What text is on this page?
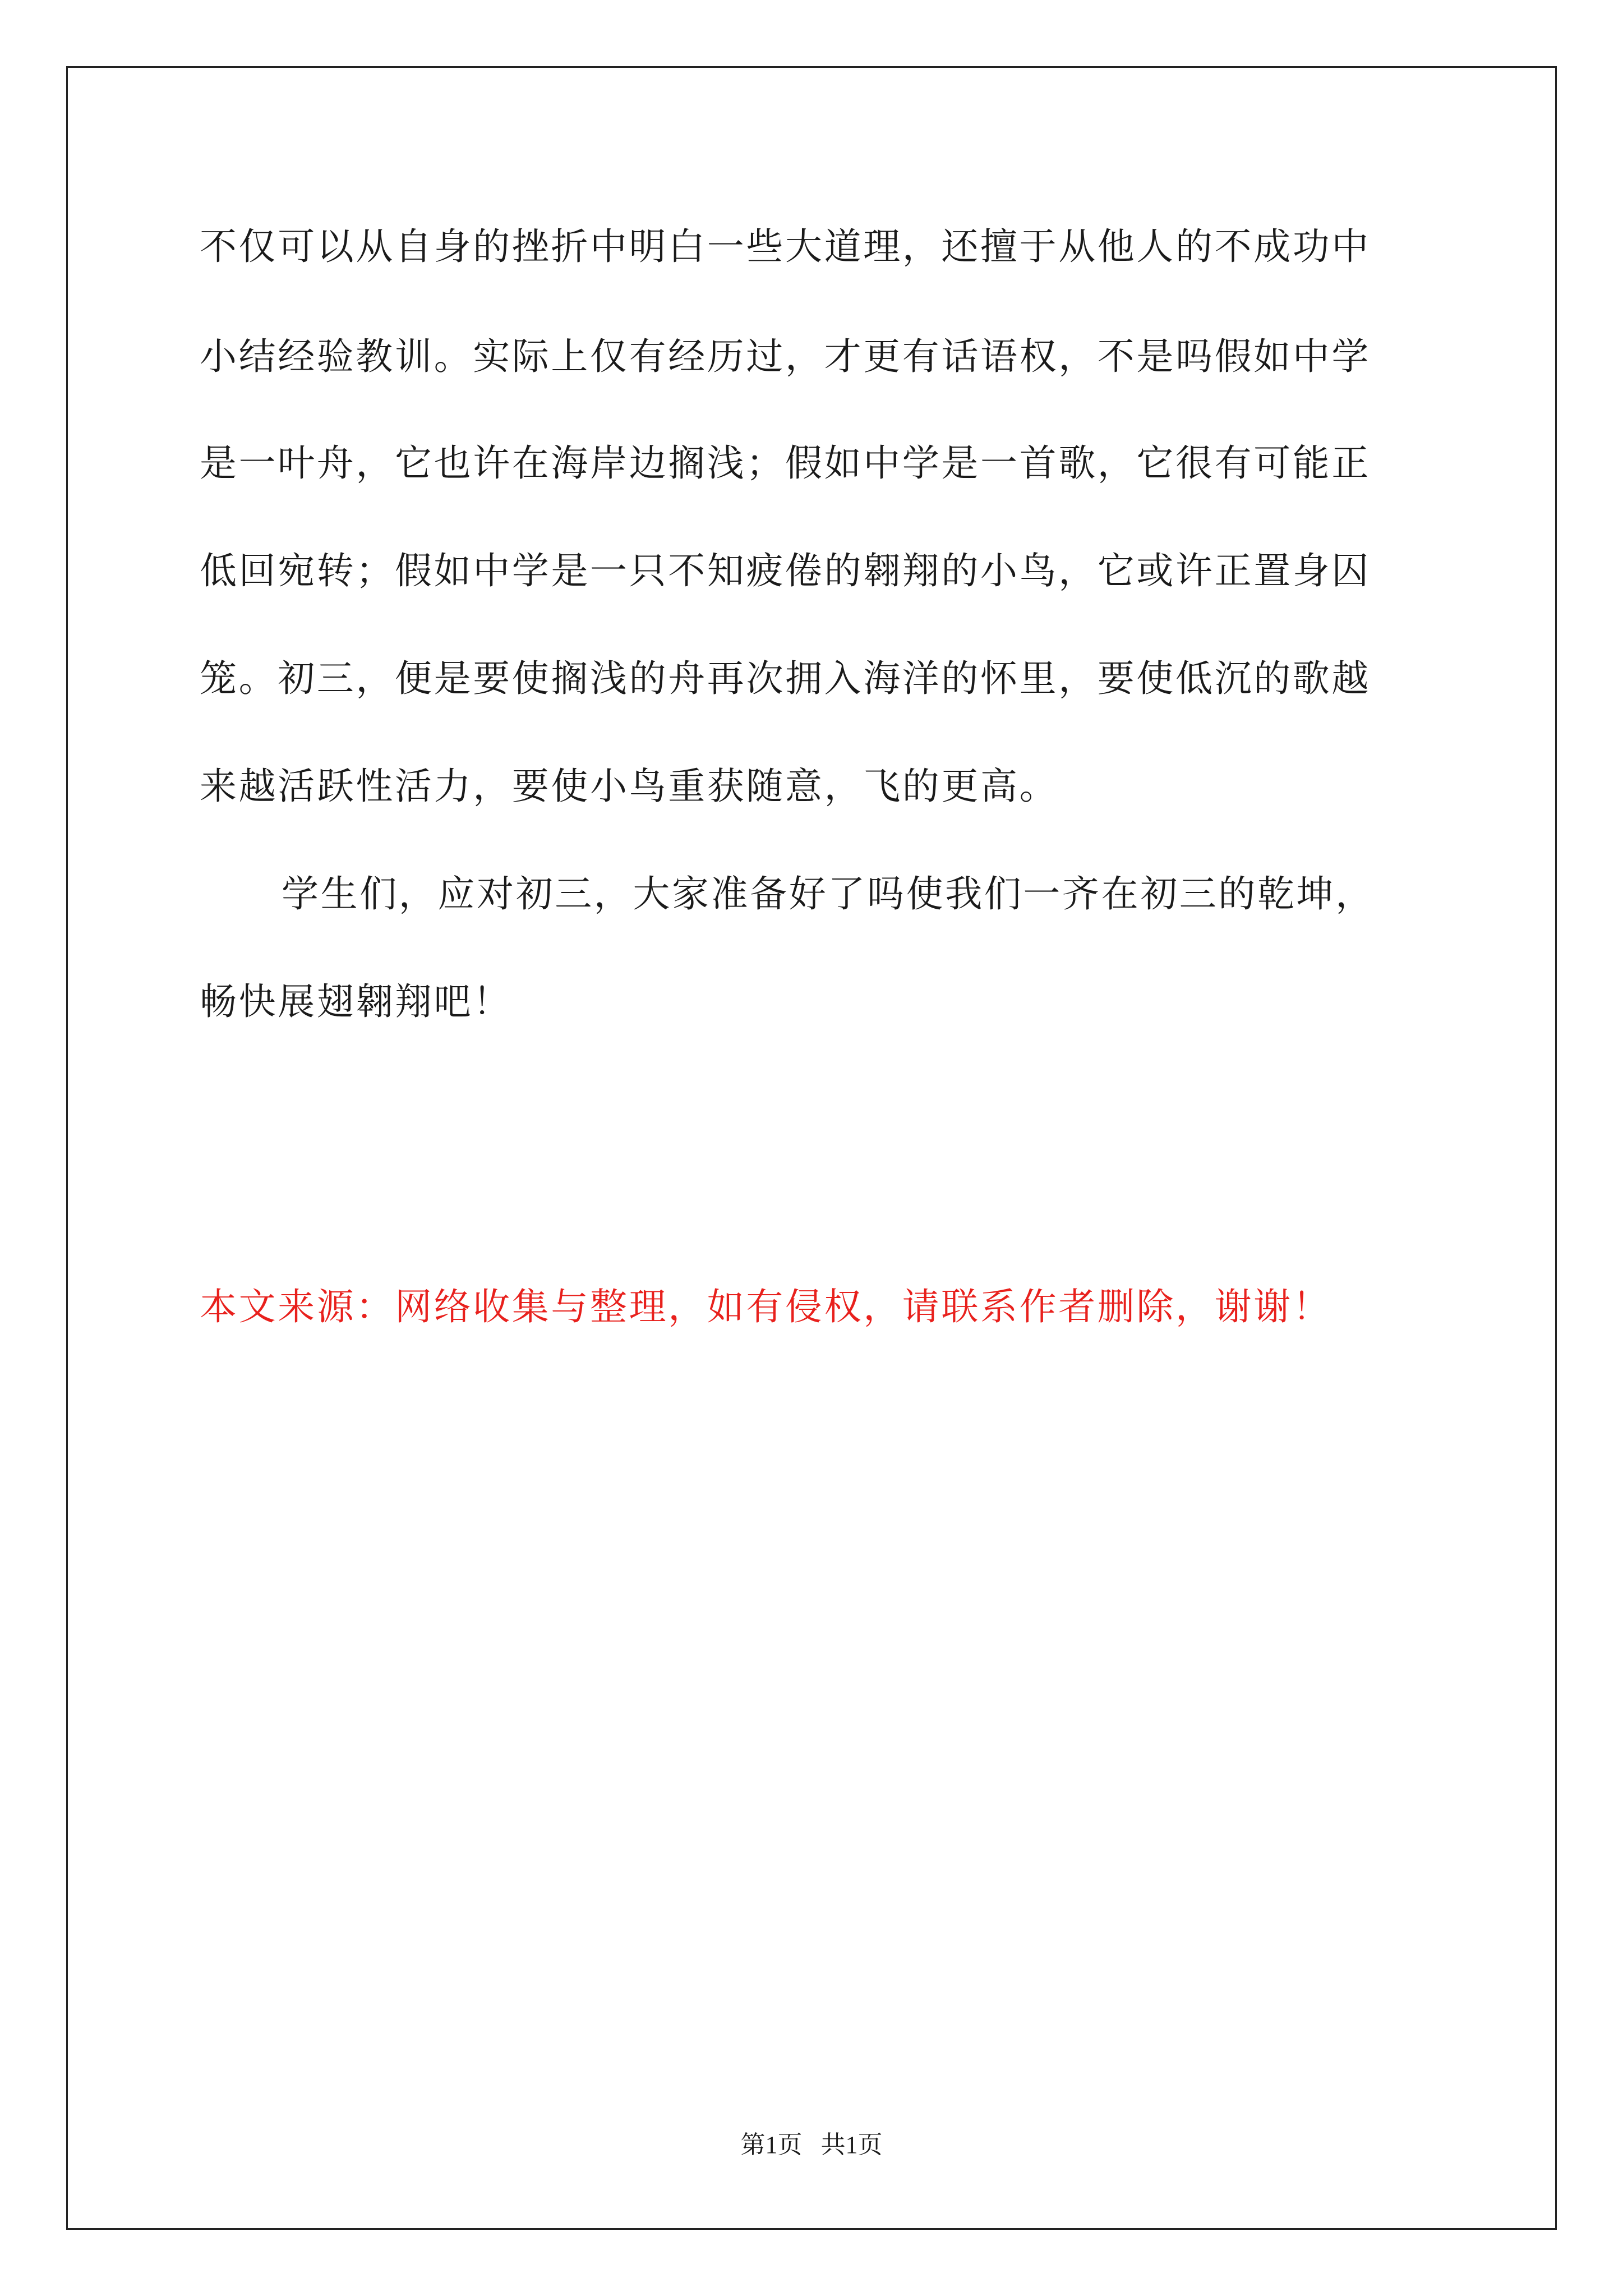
不仅可以从自身的挫折中明白一些大道理，还擅于从他人的不成功中
小结经验教训。实际上仅有经历过，才更有话语权，不是吗假如中学
是一叶舟，它也许在海岸边搁浅；假如中学是一首歌，它很有可能正
低回宛转；假如中学是一只不知疲倦的翱翔的小鸟，它或许正置身囚
笼。初三，便是要使搁浅的舟再次拥入海洋的怀里，要使低沉的歌越
来越活跃性活力，要使小鸟重获随意，飞的更高。
学生们，应对初三，大家准备好了吗使我们一齐在初三的乾坤，
畅快展翅翱翔吧！
本文来源：网络收集与整理，如有侵权，请联系作者删除，谢谢！
第1页 共1页
